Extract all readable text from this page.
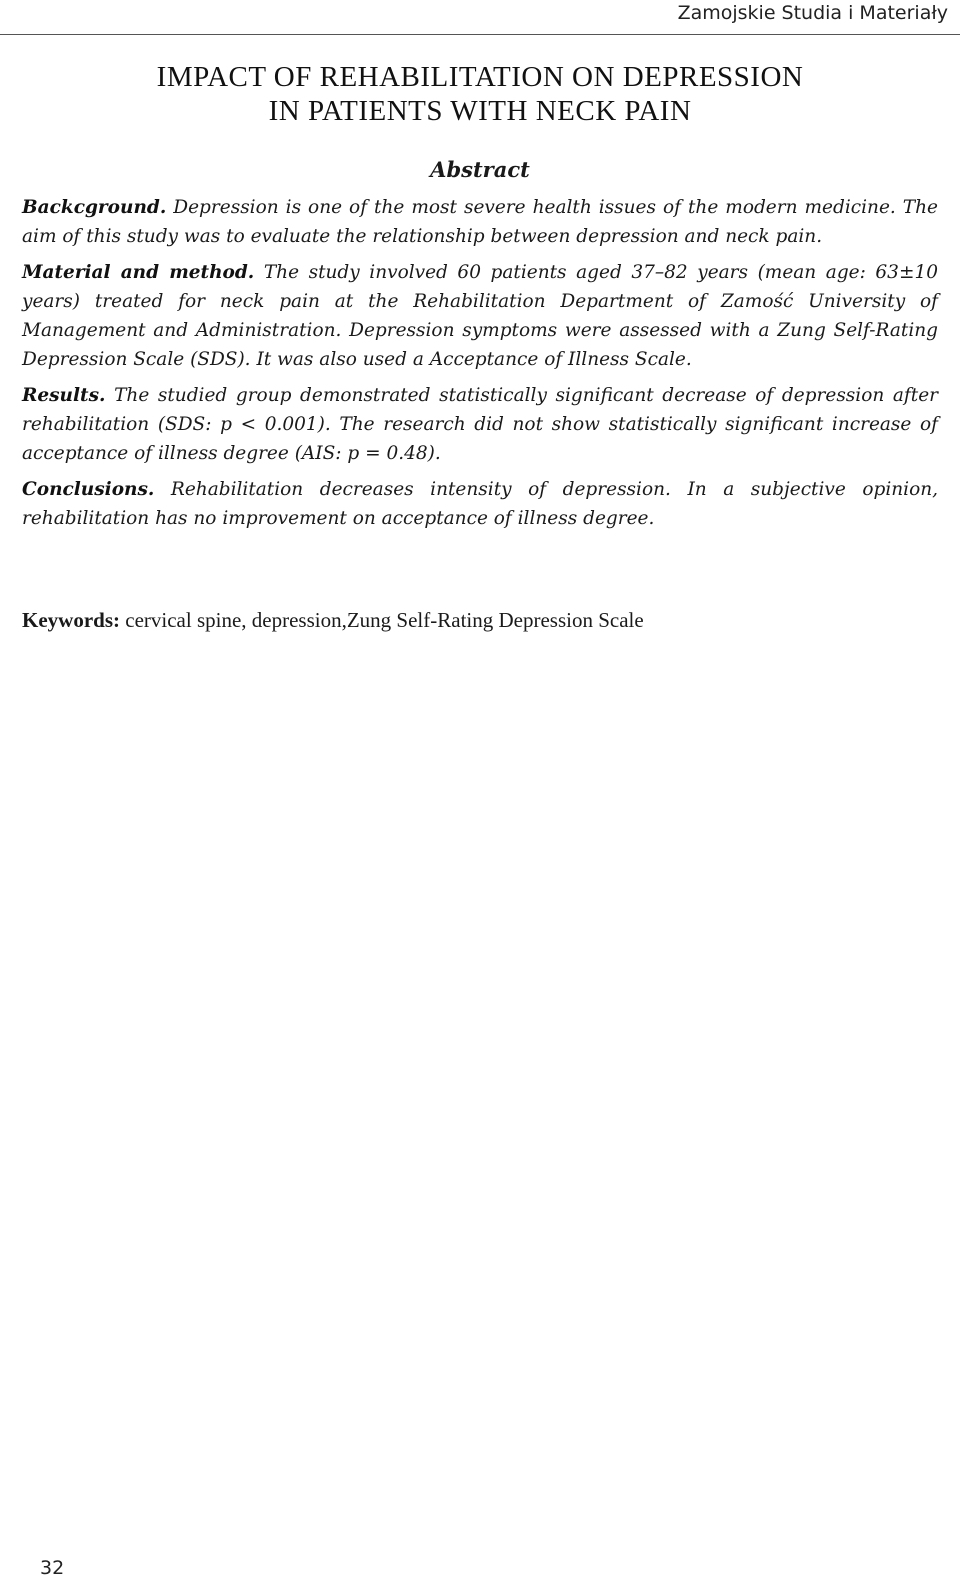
Zamojskie Studia i Materiały
IMPACT OF REHABILITATION ON DEPRESSION
IN PATIENTS WITH NECK PAIN
Abstract

Backcground. Depression is one of the most severe health issues of the modern medicine. The aim of this study was to evaluate the relationship between depression and neck pain.

Material and method. The study involved 60 patients aged 37–82 years (mean age: 63±10 years) treated for neck pain at the Rehabilitation Department of Zamość University of Management and Administration. Depression symptoms were assessed with a Zung Self-Rating Depression Scale (SDS). It was also used a Acceptance of Illness Scale.

Results. The studied group demonstrated statistically significant decrease of depression after rehabilitation (SDS: p < 0.001). The research did not show statistically significant increase of acceptance of illness degree (AIS: p = 0.48).

Conclusions. Rehabilitation decreases intensity of depression. In a subjective opinion, rehabilitation has no improvement on acceptance of illness degree.

Keywords: cervical spine, depression,Zung Self-Rating Depression Scale
32
